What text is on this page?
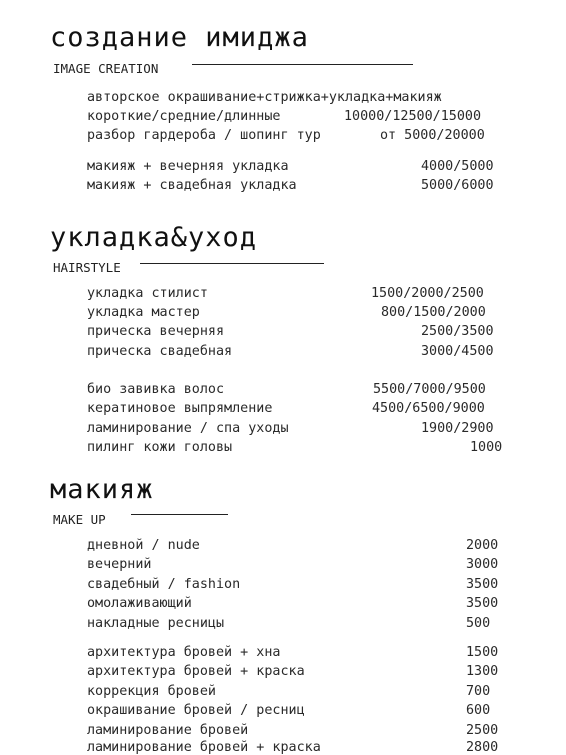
создание имиджа
IMAGE CREATION
авторское окрашивание+стрижка+укладка+макияж
короткие/средние/длинные	10000/12500/15000
разбор гардероба / шопинг тур	от 5000/20000
макияж + вечерняя укладка	4000/5000
макияж + свадебная укладка	5000/6000
укладка&уход
HAIRSTYLE
укладка стилист	1500/2000/2500
укладка мастер	800/1500/2000
прическа вечерняя	2500/3500
прическа свадебная	3000/4500
био завивка волос	5500/7000/9500
кератиновое выпрямление	4500/6500/9000
ламинирование / спа уходы	1900/2900
пилинг кожи головы	1000
макияж
MAKE UP
дневной / nude	2000
вечерний	3000
свадебный / fashion	3500
омолаживающий	3500
накладные ресницы	500
архитектура бровей + хна	1500
архитектура бровей + краска	1300
коррекция бровей	700
окрашивание бровей / ресниц	600
ламинирование бровей	2500
ламинирование бровей + краска	2800
